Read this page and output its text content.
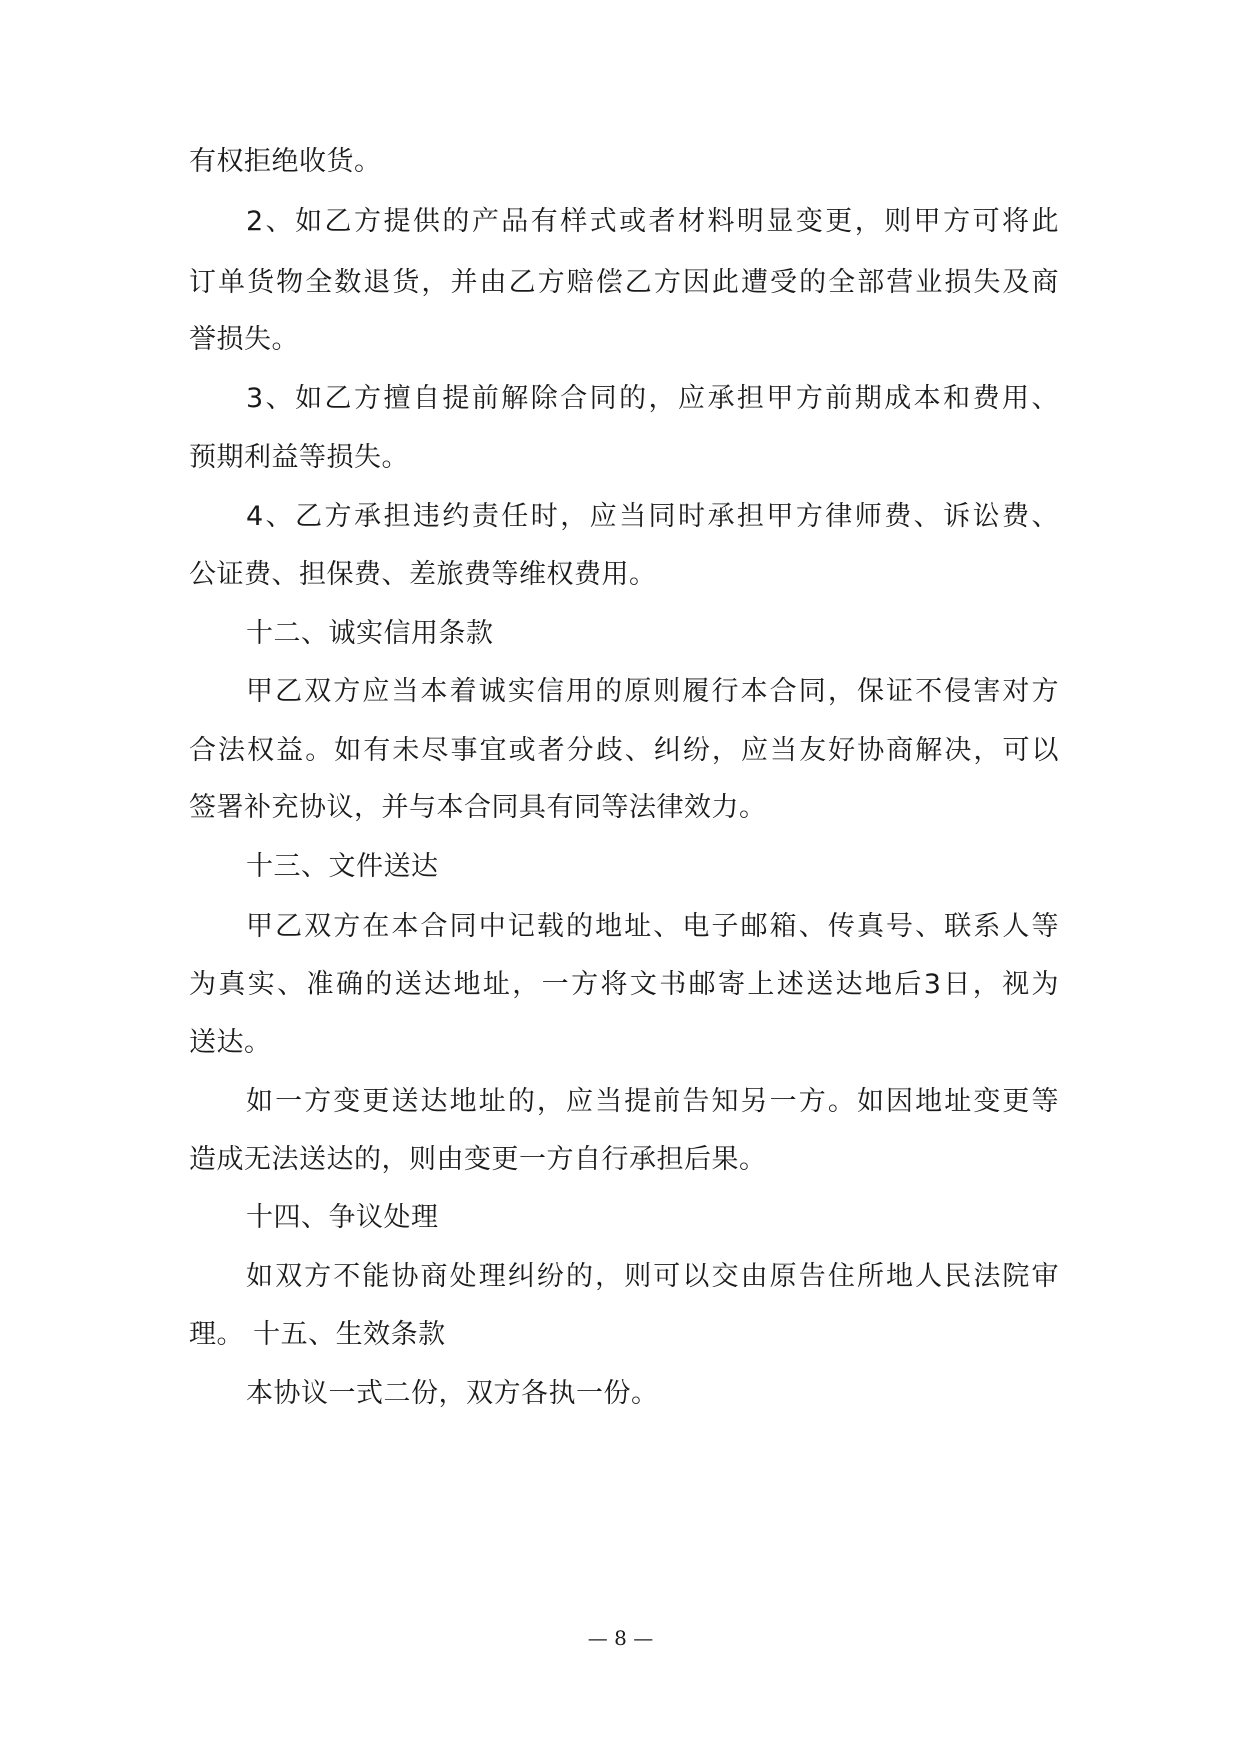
有权拒绝收货。
2、如乙方提供的产品有样式或者材料明显变更，则甲方可将此
订单货物全数退货，并由乙方赔偿乙方因此遭受的全部营业损失及商
誉损失。
3、如乙方擅自提前解除合同的，应承担甲方前期成本和费用、
预期利益等损失。
4、乙方承担违约责任时，应当同时承担甲方律师费、诉讼费、
公证费、担保费、差旅费等维权费用。
十二、诚实信用条款
甲乙双方应当本着诚实信用的原则履行本合同，保证不侵害对方
合法权益。如有未尽事宜或者分歧、纠纷，应当友好协商解决，可以
签署补充协议，并与本合同具有同等法律效力。
十三、文件送达
甲乙双方在本合同中记载的地址、电子邮箱、传真号、联系人等
为真实、准确的送达地址，一方将文书邮寄上述送达地后3日，视为
送达。
如一方变更送达地址的，应当提前告知另一方。如因地址变更等
造成无法送达的，则由变更一方自行承担后果。
十四、争议处理
如双方不能协商处理纠纷的，则可以交由原告住所地人民法院审
理。 十五、生效条款
本协议一式二份，双方各执一份。
— 8 —
